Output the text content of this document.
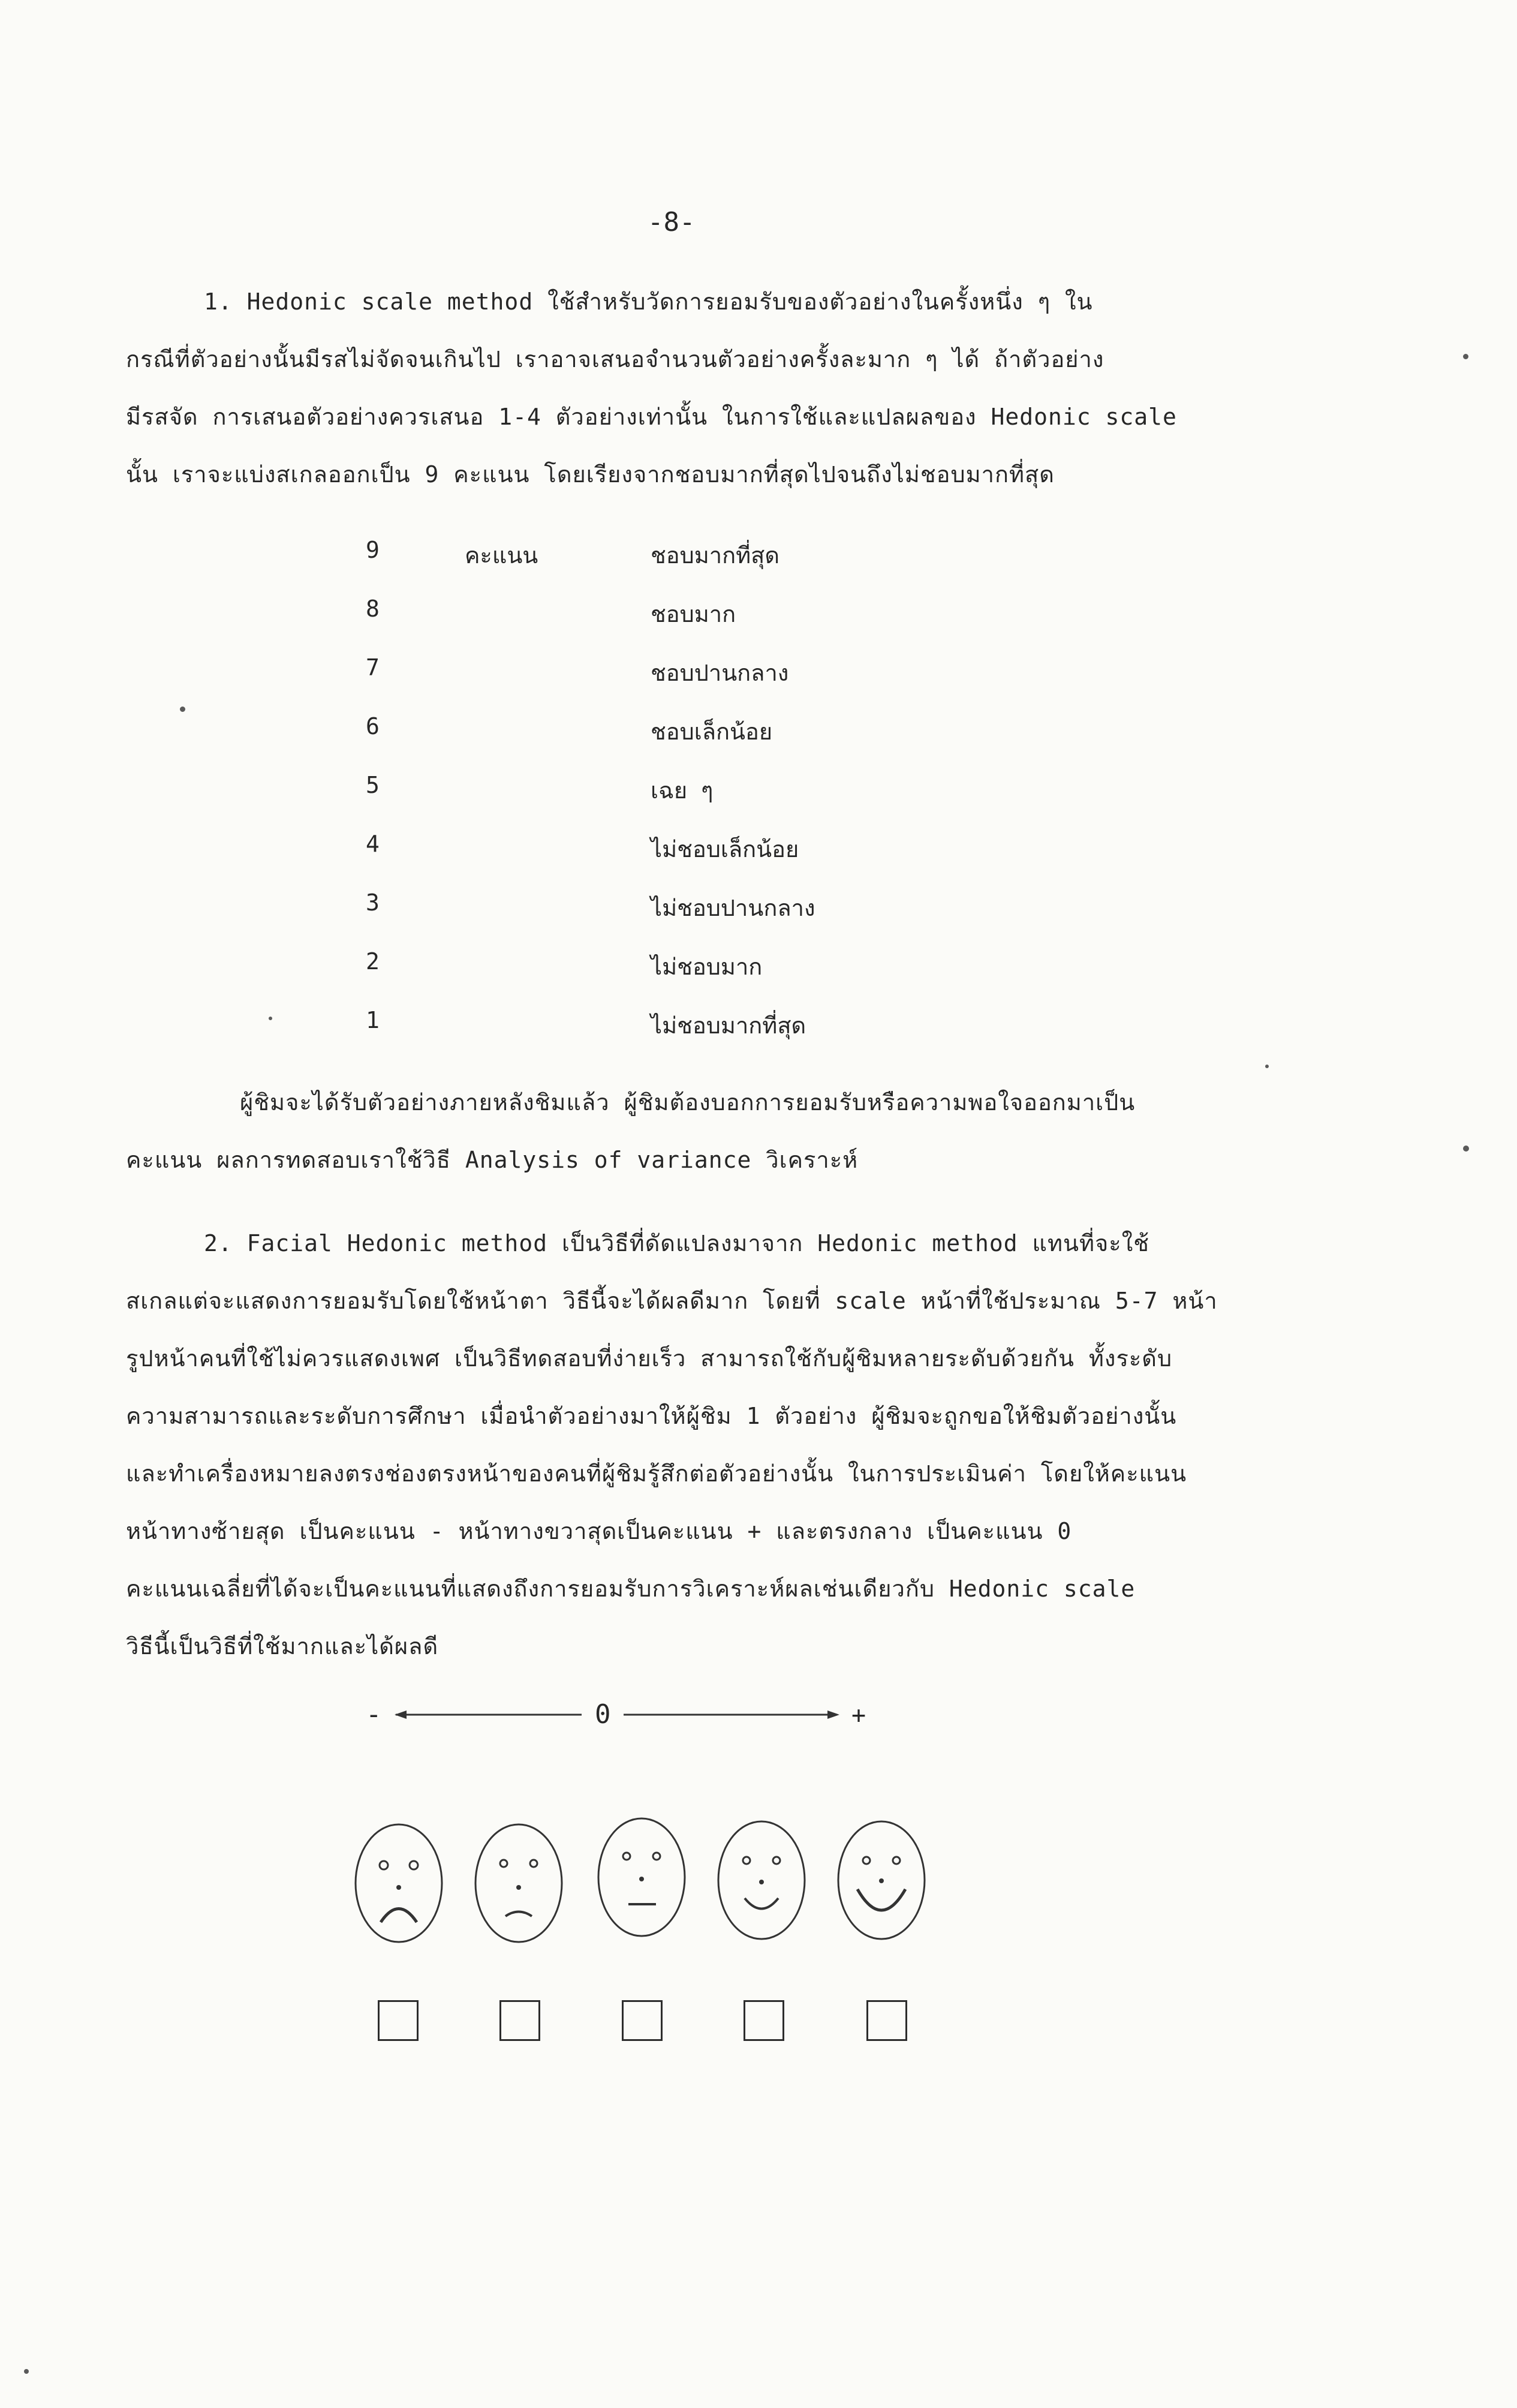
-8-
1. Hedonic scale method ใช้สำหรับวัดการยอมรับของตัวอย่างในครั้งหนึ่ง ๆ ใน
กรณีที่ตัวอย่างนั้นมีรสไม่จัดจนเกินไป เราอาจเสนอจำนวนตัวอย่างครั้งละมาก ๆ ได้ ถ้าตัวอย่าง
มีรสจัด การเสนอตัวอย่างควรเสนอ 1-4 ตัวอย่างเท่านั้น ในการใช้และแปลผลของ Hedonic scale
นั้น เราจะแบ่งสเกลออกเป็น 9 คะแนน โดยเรียงจากชอบมากที่สุดไปจนถึงไม่ชอบมากที่สุด
9	คะแนน	ชอบมากที่สุด
8	ชอบมาก
7	ชอบปานกลาง
6	ชอบเล็กน้อย
5	เฉย ๆ
4	ไม่ชอบเล็กน้อย
3	ไม่ชอบปานกลาง
2	ไม่ชอบมาก
1	ไม่ชอบมากที่สุด
ผู้ชิมจะได้รับตัวอย่างภายหลังชิมแล้ว ผู้ชิมต้องบอกการยอมรับหรือความพอใจออกมาเป็น
คะแนน ผลการทดสอบเราใช้วิธี Analysis of variance วิเคราะห์
2. Facial Hedonic method เป็นวิธีที่ดัดแปลงมาจาก Hedonic method แทนที่จะใช้
สเกลแต่จะแสดงการยอมรับโดยใช้หน้าตา วิธีนี้จะได้ผลดีมาก โดยที่ scale หน้าที่ใช้ประมาณ 5-7 หน้า
รูปหน้าคนที่ใช้ไม่ควรแสดงเพศ เป็นวิธีทดสอบที่ง่ายเร็ว สามารถใช้กับผู้ชิมหลายระดับด้วยกัน ทั้งระดับ
ความสามารถและระดับการศึกษา เมื่อนำตัวอย่างมาให้ผู้ชิม 1 ตัวอย่าง ผู้ชิมจะถูกขอให้ชิมตัวอย่างนั้น
และทำเครื่องหมายลงตรงช่องตรงหน้าของคนที่ผู้ชิมรู้สึกต่อตัวอย่างนั้น ในการประเมินค่า โดยให้คะแนน
หน้าทางซ้ายสุด เป็นคะแนน - หน้าทางขวาสุดเป็นคะแนน + และตรงกลาง เป็นคะแนน 0
คะแนนเฉลี่ยที่ได้จะเป็นคะแนนที่แสดงถึงการยอมรับการวิเคราะห์ผลเช่นเดียวกับ Hedonic scale
วิธีนี้เป็นวิธีที่ใช้มากและได้ผลดี
-	0	+
